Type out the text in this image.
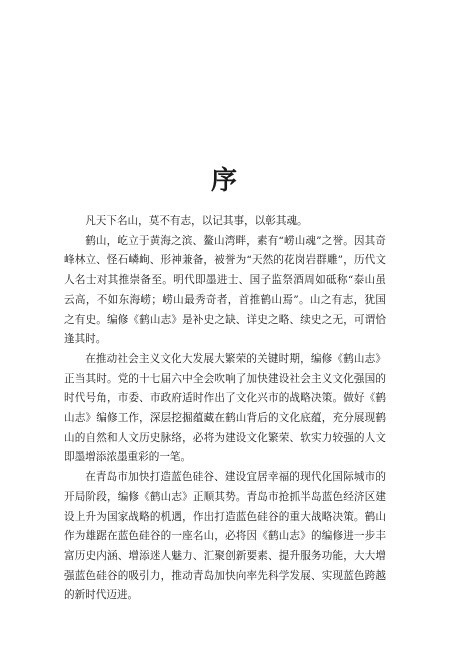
序

凡天下名山，莫不有志，以记其事，以彰其魂。

鹤山，屹立于黄海之滨、鳌山湾畔，素有“崂山魂”之誉。因其奇峰林立、怪石嶙峋、形神兼备，被誉为“天然的花岗岩群雕”，历代文人名士对其推崇备至。明代即墨进士、国子监祭酒周如砥称“泰山虽云高，不如东海崂；崂山最秀奇者，首推鹤山焉”。山之有志，犹国之有史。编修《鹤山志》是补史之缺、详史之略、续史之无，可谓恰逢其时。

在推动社会主义文化大发展大繁荣的关键时期，编修《鹤山志》正当其时。党的十七届六中全会吹响了加快建设社会主义文化强国的时代号角，市委、市政府适时作出了文化兴市的战略决策。做好《鹤山志》编修工作，深层挖掘蕴藏在鹤山背后的文化底蕴，充分展现鹤山的自然和人文历史脉络，必将为建设文化繁荣、软实力较强的人文即墨增添浓墨重彩的一笔。

在青岛市加快打造蓝色硅谷、建设宜居幸福的现代化国际城市的开局阶段，编修《鹤山志》正顺其势。青岛市抢抓半岛蓝色经济区建设上升为国家战略的机遇，作出打造蓝色硅谷的重大战略决策。鹤山作为雄踞在蓝色硅谷的一座名山，必将因《鹤山志》的编修进一步丰富历史内涵、增添迷人魅力、汇聚创新要素、提升服务功能，大大增强蓝色硅谷的吸引力，推动青岛加快向率先科学发展、实现蓝色跨越的新时代迈进。
